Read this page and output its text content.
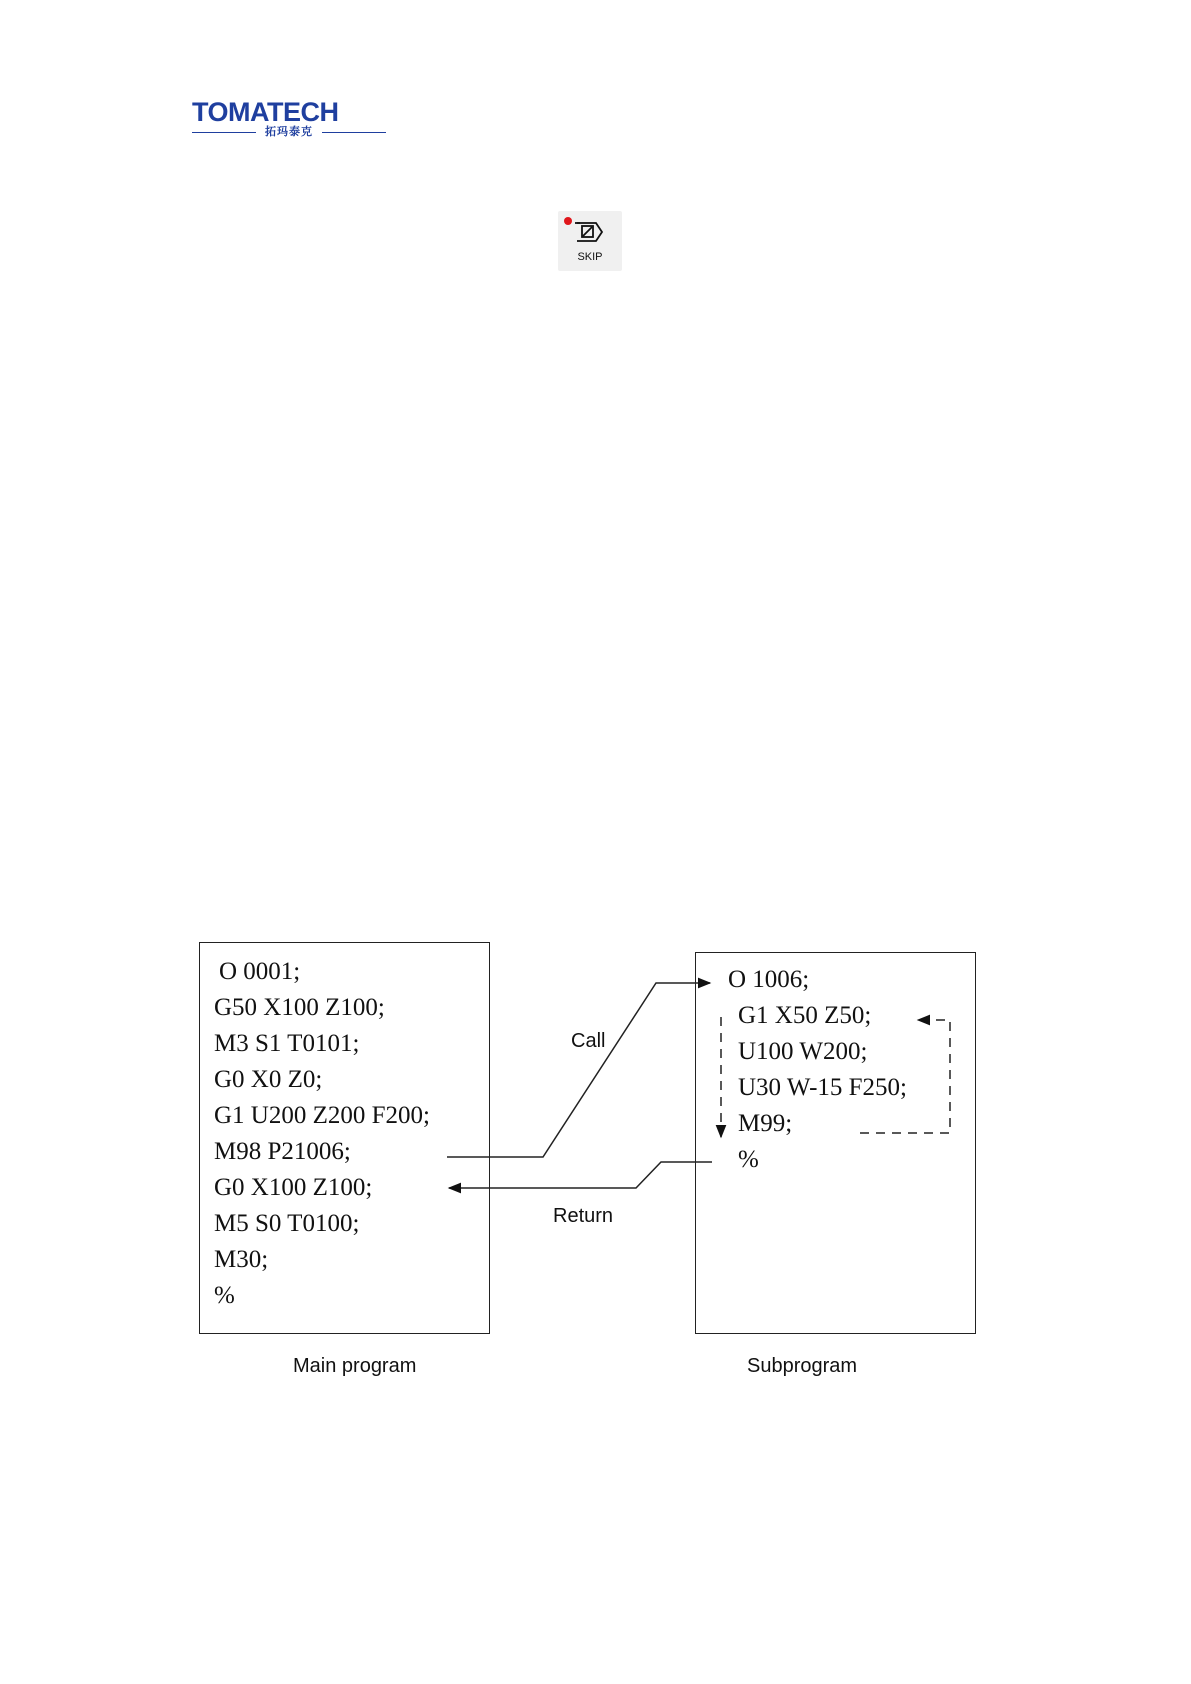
TOMATECH
拓玛泰克
SKIP
O 0001;
G50 X100 Z100;
M3 S1 T0101;
G0 X0 Z0;
G1 U200 Z200 F200;
M98 P21006;
G0 X100 Z100;
M5 S0 T0100;
M30;
%
O 1006;
G1 X50 Z50;
U100 W200;
U30 W-15 F250;
M99;
%
Call
Return
Main program	Subprogram
